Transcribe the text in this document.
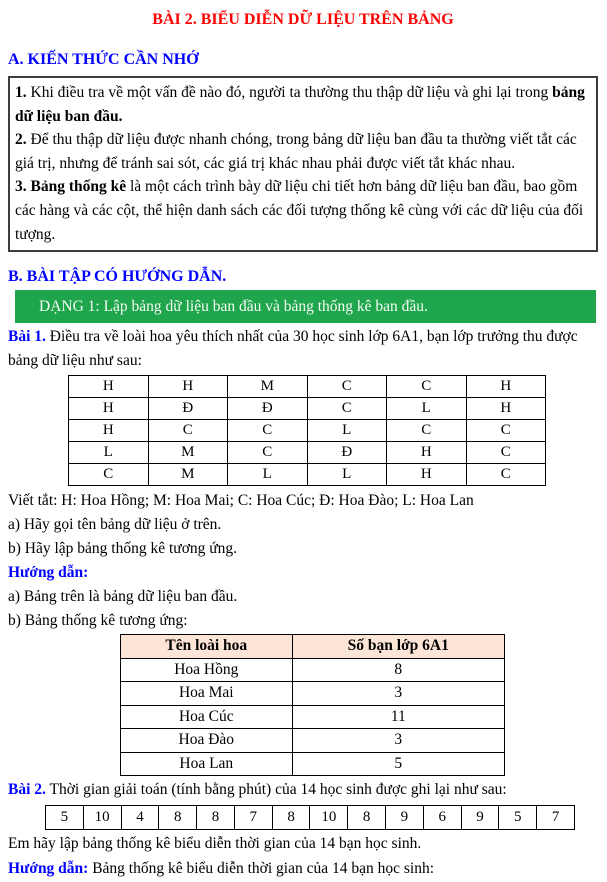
BÀI 2. BIỂU DIỄN DỮ LIỆU TRÊN BẢNG
A. KIẾN THỨC CẦN NHỚ

1. Khi điều tra về một vấn đề nào đó, người ta thường thu thập dữ liệu và ghi lại trong bảng dữ liệu ban đầu.

2. Để thu thập dữ liệu được nhanh chóng, trong bảng dữ liệu ban đầu ta thường viết tắt các giá trị, nhưng để tránh sai sót, các giá trị khác nhau phải được viết tắt khác nhau.

3. Bảng thống kê là một cách trình bày dữ liệu chi tiết hơn bảng dữ liệu ban đầu, bao gồm các hàng và các cột, thể hiện danh sách các đối tượng thống kê cùng với các dữ liệu của đối tượng.

B. BÀI TẬP CÓ HƯỚNG DẪN.
DẠNG 1: Lập bảng dữ liệu ban đầu và bảng thống kê ban đầu.

Bài 1. Điều tra về loài hoa yêu thích nhất của 30 học sinh lớp 6A1, bạn lớp trưởng thu được bảng dữ liệu như sau:

H	H	M	C	C	H
H	Đ	Đ	C	L	H
H	C	C	L	C	C
L	M	C	Đ	H	C
C	M	L	L	H	C

Viết tắt: H: Hoa Hồng; M: Hoa Mai; C: Hoa Cúc; Đ: Hoa Đào; L: Hoa Lan

a) Hãy gọi tên bảng dữ liệu ở trên.

b) Hãy lập bảng thống kê tương ứng.

Hướng dẫn:

a) Bảng trên là bảng dữ liệu ban đầu.

b) Bảng thống kê tương ứng:

Tên loài hoa	Số bạn lớp 6A1
Hoa Hồng	8
Hoa Mai	3
Hoa Cúc	11
Hoa Đào	3
Hoa Lan	5

Bài 2. Thời gian giải toán (tính bằng phút) của 14 học sinh được ghi lại như sau:

5	10	4	8	8	7	8	10	8	9	6	9	5	7

Em hãy lập bảng thống kê biểu diễn thời gian của 14 bạn học sinh.

Hướng dẫn: Bảng thống kê biểu diễn thời gian của 14 bạn học sinh:
